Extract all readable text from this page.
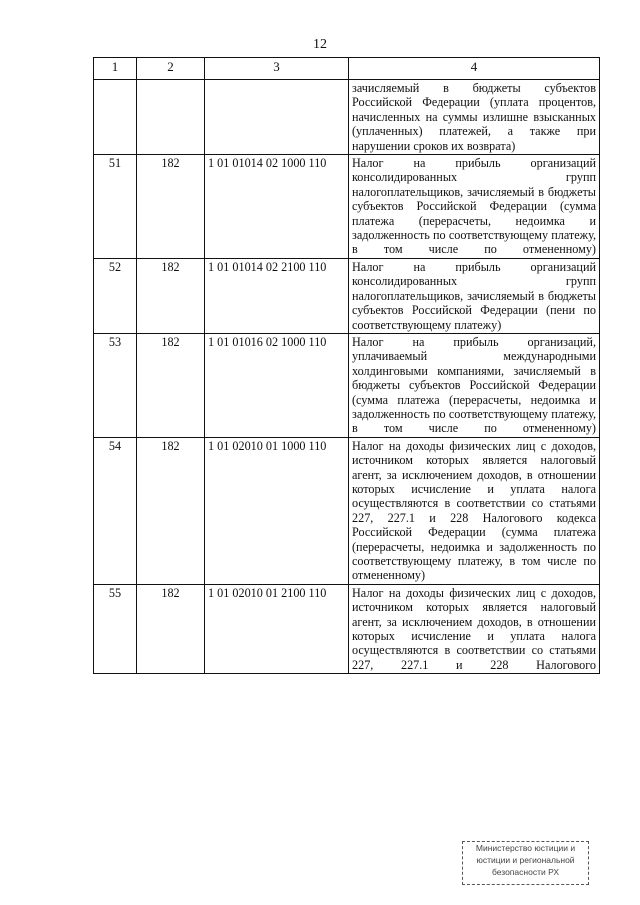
12
1	2	3	4
			зачисляемый в бюджеты субъектов Российской Федерации (уплата процентов, начисленных на суммы излишне взысканных (уплаченных) платежей, а также при нарушении сроков их возврата)
51	182	1 01 01014 02 1000 110	Налог на прибыль организаций консолидированных групп налогоплательщиков, зачисляемый в бюджеты субъектов Российской Федерации (сумма платежа (перерасчеты, недоимка и задолженность по соответствующему платежу, в том числе по отмененному)
52	182	1 01 01014 02 2100 110	Налог на прибыль организаций консолидированных групп налогоплательщиков, зачисляемый в бюджеты субъектов Российской Федерации (пени по соответствующему платежу)
53	182	1 01 01016 02 1000 110	Налог на прибыль организаций, уплачиваемый международными холдинговыми компаниями, зачисляемый в бюджеты субъектов Российской Федерации (сумма платежа (перерасчеты, недоимка и задолженность по соответствующему платежу, в том числе по отмененному)
54	182	1 01 02010 01 1000 110	Налог на доходы физических лиц с доходов, источником которых является налоговый агент, за исключением доходов, в отношении которых исчисление и уплата налога осуществляются в соответствии со статьями 227, 227.1 и 228 Налогового кодекса Российской Федерации (сумма платежа (перерасчеты, недоимка и задолженность по соответствующему платежу, в том числе по отмененному)
55	182	1 01 02010 01 2100 110	Налог на доходы физических лиц с доходов, источником которых является налоговый агент, за исключением доходов, в отношении которых исчисление и уплата налога осуществляются в соответствии со статьями 227, 227.1 и 228 Налогового
Министерство юстиции и
юстиции и региональной
безопасности РХ
